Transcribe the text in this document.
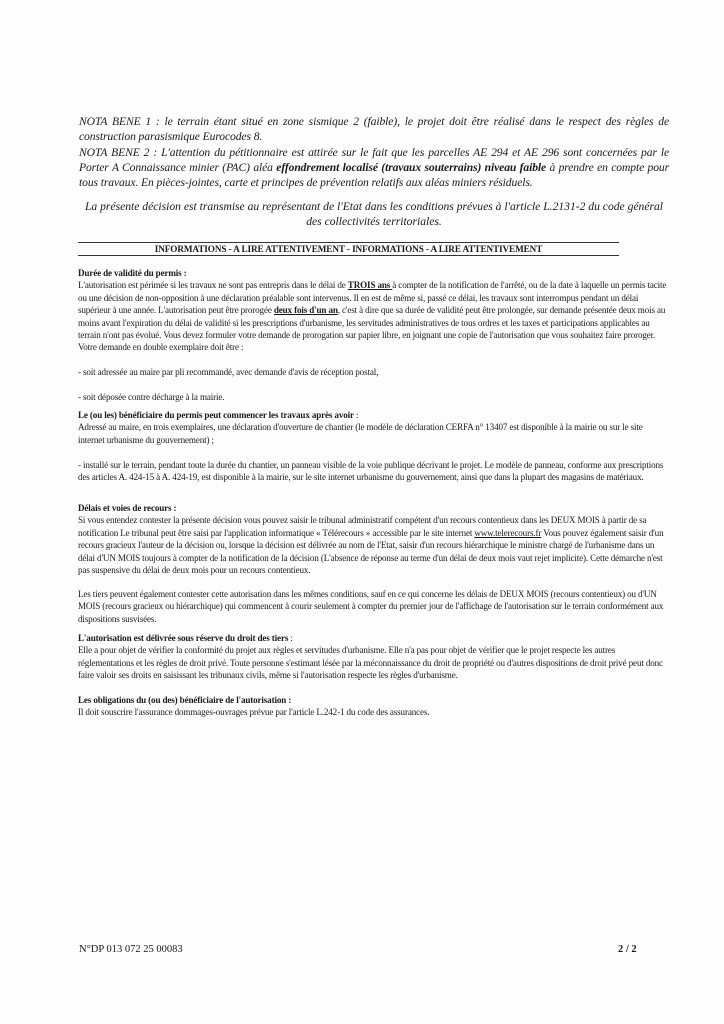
NOTA BENE 1 : le terrain étant situé en zone sismique 2 (faible), le projet doit être réalisé dans le respect des règles de construction parasismique Eurocodes 8.
NOTA BENE 2 : L'attention du pétitionnaire est attirée sur le fait que les parcelles AE 294 et AE 296 sont concernées par le Porter A Connaissance minier (PAC) aléa effondrement localisé (travaux souterrains) niveau faible à prendre en compte pour tous travaux. En pièces-jointes, carte et principes de prévention relatifs aux aléas miniers résiduels.
La présente décision est transmise au représentant de l'Etat dans les conditions prévues à l'article L.2131-2 du code général des collectivités territoriales.
INFORMATIONS - A LIRE ATTENTIVEMENT - INFORMATIONS - A LIRE ATTENTIVEMENT
Durée de validité du permis :

L'autorisation est périmée si les travaux ne sont pas entrepris dans le délai de TROIS ans à compter de la notification de l'arrêté, ou de la date à laquelle un permis tacite ou une décision de non-opposition à une déclaration préalable sont intervenus. Il en est de même si, passé ce délai, les travaux sont interrompus pendant un délai supérieur à une année. L'autorisation peut être prorogée deux fois d'un an, c'est à dire que sa durée de validité peut être prolongée, sur demande présentée deux mois au moins avant l'expiration du délai de validité si les prescriptions d'urbanisme, les servitudes administratives de tous ordres et les taxes et participations applicables au terrain n'ont pas évolué. Vous devez formuler votre demande de prorogation sur papier libre, en joignant une copie de l'autorisation que vous souhaitez faire proroger. Votre demande en double exemplaire doit être :

- soit adressée au maire par pli recommandé, avec demande d'avis de réception postal,
- soit déposée contre décharge à la mairie.
Le (ou les) bénéficiaire du permis peut commencer les travaux après avoir :

Adressé au maire, en trois exemplaires, une déclaration d'ouverture de chantier (le modèle de déclaration CERFA n° 13407 est disponible à la mairie ou sur le site internet urbanisme du gouvernement) ;

- installé sur le terrain, pendant toute la durée du chantier, un panneau visible de la voie publique décrivant le projet. Le modèle de panneau, conforme aux prescriptions des articles A. 424-15 à A. 424-19, est disponible à la mairie, sur le site internet urbanisme du gouvernement, ainsi que dans la plupart des magasins de matériaux.
Délais et voies de recours :

Si vous entendez contester la présente décision vous pouvez saisir le tribunal administratif compétent d'un recours contentieux dans les DEUX MOIS à partir de sa notification Le tribunal peut être saisi par l'application informatique « Télérecours » accessible par le site internet www.telerecours.fr Vous pouvez également saisir d'un recours gracieux l'auteur de la décision ou, lorsque la décision est délivrée au nom de l'Etat, saisir d'un recours hiérarchique le ministre chargé de l'urbanisme dans un délai d'UN MOIS toujours à compter de la notification de la décision (L'absence de réponse au terme d'un délai de deux mois vaut rejet implicite). Cette démarche n'est pas suspensive du délai de deux mois pour un recours contentieux.

Les tiers peuvent également contester cette autorisation dans les mêmes conditions, sauf en ce qui concerne les délais de DEUX MOIS (recours contentieux) ou d'UN MOIS (recours gracieux ou hiérarchique) qui commencent à courir seulement à compter du premier jour de l'affichage de l'autorisation sur le terrain conformément aux dispositions susvisées.
L'autorisation est délivrée sous réserve du droit des tiers :

Elle a pour objet de vérifier la conformité du projet aux règles et servitudes d'urbanisme. Elle n'a pas pour objet de vérifier que le projet respecte les autres réglementations et les règles de droit privé. Toute personne s'estimant lésée par la méconnaissance du droit de propriété ou d'autres dispositions de droit privé peut donc faire valoir ses droits en saisissant les tribunaux civils, même si l'autorisation respecte les règles d'urbanisme.

Les obligations du (ou des) bénéficiaire de l'autorisation :

Il doit souscrire l'assurance dommages-ouvrages prévue par l'article L.242-1 du code des assurances.

N°DP 013 072 25 00083	2 / 2
